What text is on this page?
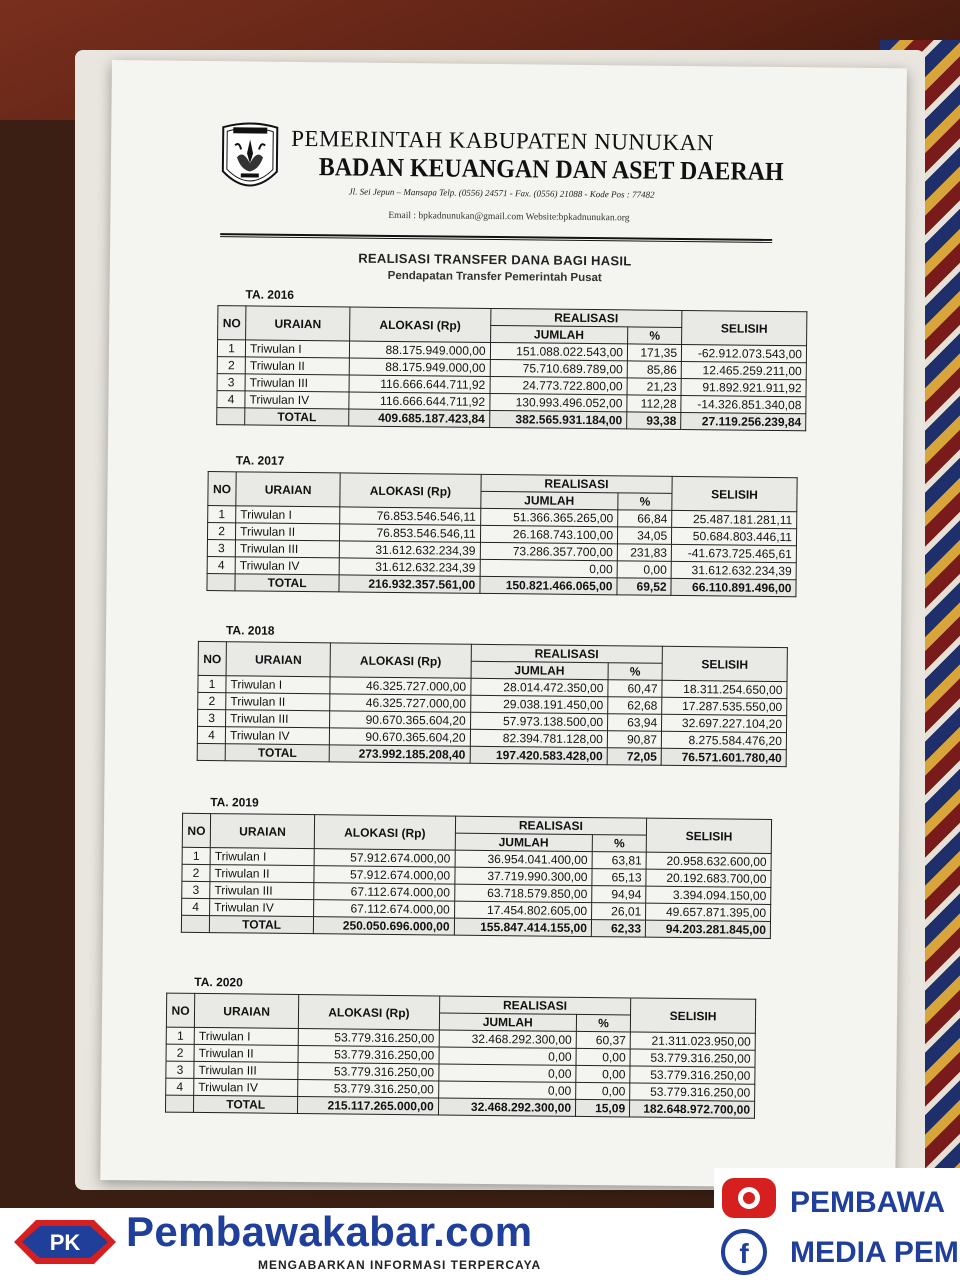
PEMERINTAH KABUPATEN NUNUKAN
BADAN KEUANGAN DAN ASET DAERAH
Jl. Sei Jepun – Mansapa Telp. (0556) 24571 - Fax. (0556) 21088 - Kode Pos : 77482
Email : bpkadnunukan@gmail.com Website:bpkadnunukan.org
REALISASI TRANSFER DANA BAGI HASIL
Pendapatan Transfer Pemerintah Pusat
TA. 2016
NO	URAIAN	ALOKASI (Rp)	REALISASI		SELISIH
			JUMLAH	%	
1	Triwulan I	88.175.949.000,00	151.088.022.543,00	171,35	-62.912.073.543,00
2	Triwulan II	88.175.949.000,00	75.710.689.789,00	85,86	12.465.259.211,00
3	Triwulan III	116.666.644.711,92	24.773.722.800,00	21,23	91.892.921.911,92
4	Triwulan IV	116.666.644.711,92	130.993.496.052,00	112,28	-14.326.851.340,08
	TOTAL	409.685.187.423,84	382.565.931.184,00	93,38	27.119.256.239,84
TA. 2017
NO	URAIAN	ALOKASI (Rp)	REALISASI		SELISIH
			JUMLAH	%	
1	Triwulan I	76.853.546.546,11	51.366.365.265,00	66,84	25.487.181.281,11
2	Triwulan II	76.853.546.546,11	26.168.743.100,00	34,05	50.684.803.446,11
3	Triwulan III	31.612.632.234,39	73.286.357.700,00	231,83	-41.673.725.465,61
4	Triwulan IV	31.612.632.234,39	0,00	0,00	31.612.632.234,39
	TOTAL	216.932.357.561,00	150.821.466.065,00	69,52	66.110.891.496,00
TA. 2018
NO	URAIAN	ALOKASI (Rp)	REALISASI		SELISIH
			JUMLAH	%	
1	Triwulan I	46.325.727.000,00	28.014.472.350,00	60,47	18.311.254.650,00
2	Triwulan II	46.325.727.000,00	29.038.191.450,00	62,68	17.287.535.550,00
3	Triwulan III	90.670.365.604,20	57.973.138.500,00	63,94	32.697.227.104,20
4	Triwulan IV	90.670.365.604,20	82.394.781.128,00	90,87	8.275.584.476,20
	TOTAL	273.992.185.208,40	197.420.583.428,00	72,05	76.571.601.780,40
TA. 2019
NO	URAIAN	ALOKASI (Rp)	REALISASI		SELISIH
			JUMLAH	%	
1	Triwulan I	57.912.674.000,00	36.954.041.400,00	63,81	20.958.632.600,00
2	Triwulan II	57.912.674.000,00	37.719.990.300,00	65,13	20.192.683.700,00
3	Triwulan III	67.112.674.000,00	63.718.579.850,00	94,94	3.394.094.150,00
4	Triwulan IV	67.112.674.000,00	17.454.802.605,00	26,01	49.657.871.395,00
	TOTAL	250.050.696.000,00	155.847.414.155,00	62,33	94.203.281.845,00
TA. 2020
NO	URAIAN	ALOKASI (Rp)	REALISASI		SELISIH
			JUMLAH	%	
1	Triwulan I	53.779.316.250,00	32.468.292.300,00	60,37	21.311.023.950,00
2	Triwulan II	53.779.316.250,00	0,00	0,00	53.779.316.250,00
3	Triwulan III	53.779.316.250,00	0,00	0,00	53.779.316.250,00
4	Triwulan IV	53.779.316.250,00	0,00	0,00	53.779.316.250,00
	TOTAL	215.117.265.000,00	32.468.292.300,00	15,09	182.648.972.700,00
PK Pembawakabar.com
MENGABARKAN INFORMASI TERPERCAYA	f
PEMBAWA
MEDIA PEM
